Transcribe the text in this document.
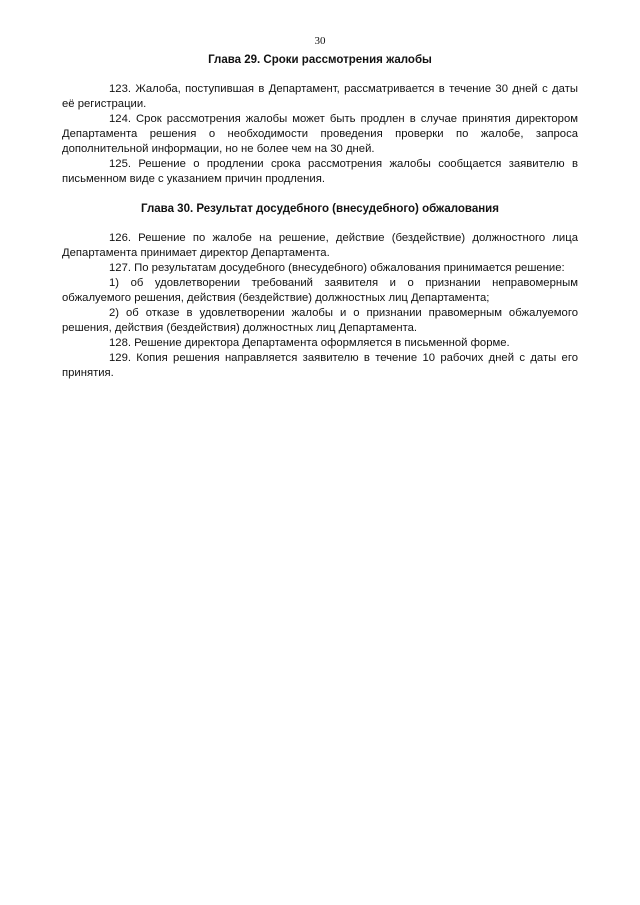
30
Глава 29. Сроки рассмотрения жалобы

123. Жалоба, поступившая в Департамент, рассматривается в течение 30 дней с даты её регистрации.

124. Срок рассмотрения жалобы может быть продлен в случае принятия директором Департамента решения о необходимости проведения проверки по жалобе, запроса дополнительной информации, но не более чем на 30 дней.

125. Решение о продлении срока рассмотрения жалобы сообщается заявителю в письменном виде с указанием причин продления.

Глава 30. Результат досудебного (внесудебного) обжалования

126. Решение по жалобе на решение, действие (бездействие) должностного лица Департамента принимает директор Департамента.

127. По результатам досудебного (внесудебного) обжалования принимается решение:

1) об удовлетворении требований заявителя и о признании неправомерным обжалуемого решения, действия (бездействие) должностных лиц Департамента;

2) об отказе в удовлетворении жалобы и о признании правомерным обжалуемого решения, действия (бездействия) должностных лиц Департамента.

128. Решение директора Департамента оформляется в письменной форме.

129. Копия решения направляется заявителю в течение 10 рабочих дней с даты его принятия.
